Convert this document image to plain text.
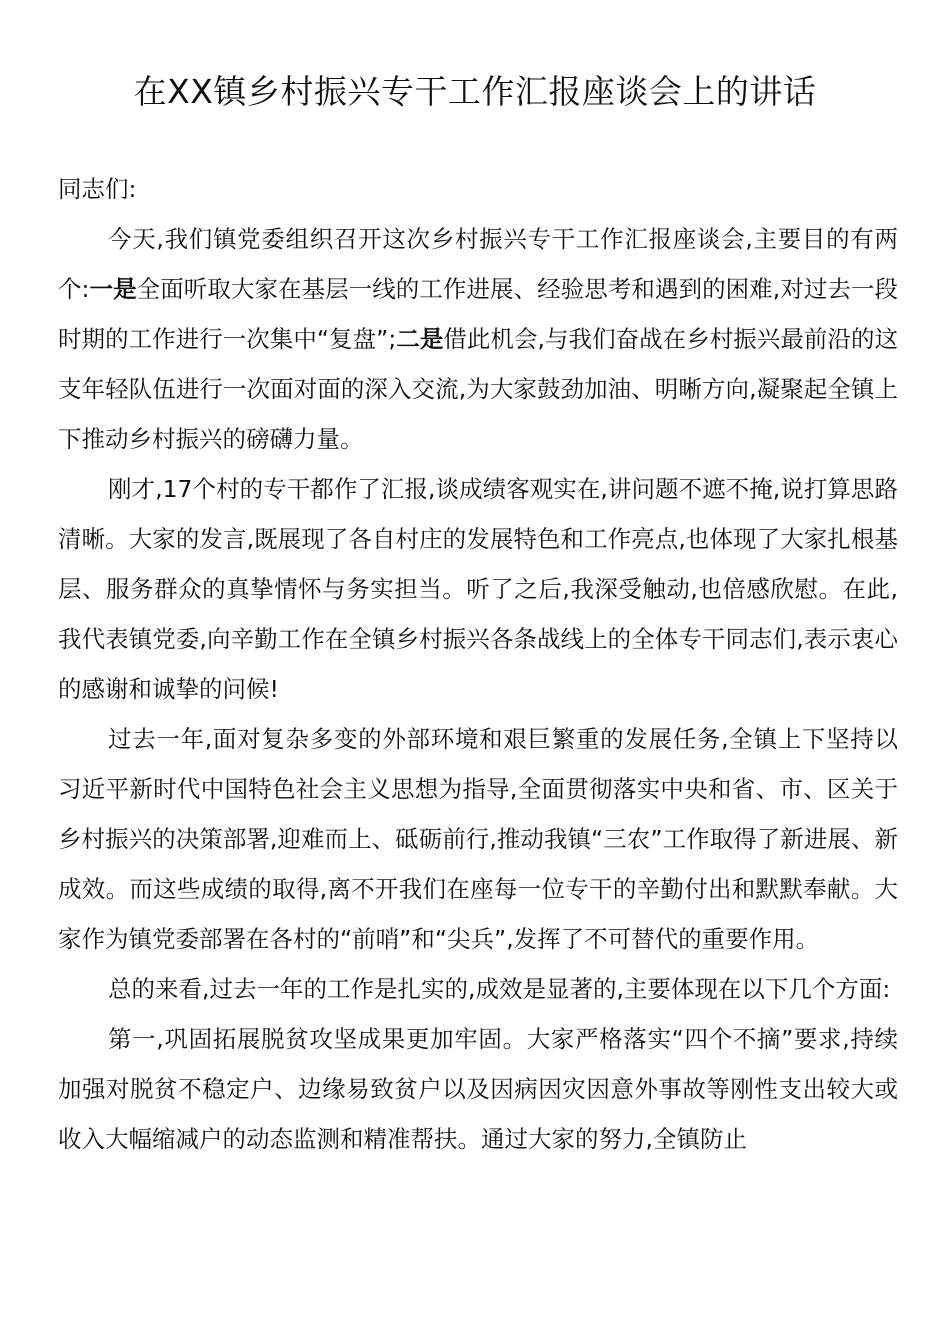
在XX镇乡村振兴专干工作汇报座谈会上的讲话

同志们:

今天,我们镇党委组织召开这次乡村振兴专干工作汇报座谈会,主要目的有两个:一是全面听取大家在基层一线的工作进展、经验思考和遇到的困难,对过去一段时期的工作进行一次集中“复盘”;二是借此机会,与我们奋战在乡村振兴最前沿的这支年轻队伍进行一次面对面的深入交流,为大家鼓劲加油、明晰方向,凝聚起全镇上下推动乡村振兴的磅礴力量。

刚才,17个村的专干都作了汇报,谈成绩客观实在,讲问题不遮不掩,说打算思路清晰。大家的发言,既展现了各自村庄的发展特色和工作亮点,也体现了大家扎根基层、服务群众的真挚情怀与务实担当。听了之后,我深受触动,也倍感欣慰。在此,我代表镇党委,向辛勤工作在全镇乡村振兴各条战线上的全体专干同志们,表示衷心的感谢和诚挚的问候!

过去一年,面对复杂多变的外部环境和艰巨繁重的发展任务,全镇上下坚持以习近平新时代中国特色社会主义思想为指导,全面贯彻落实中央和省、市、区关于乡村振兴的决策部署,迎难而上、砥砺前行,推动我镇“三农”工作取得了新进展、新成效。而这些成绩的取得,离不开我们在座每一位专干的辛勤付出和默默奉献。大家作为镇党委部署在各村的“前哨”和“尖兵”,发挥了不可替代的重要作用。

总的来看,过去一年的工作是扎实的,成效是显著的,主要体现在以下几个方面:

第一,巩固拓展脱贫攻坚成果更加牢固。大家严格落实“四个不摘”要求,持续加强对脱贫不稳定户、边缘易致贫户以及因病因灾因意外事故等刚性支出较大或收入大幅缩减户的动态监测和精准帮扶。通过大家的努力,全镇防止
